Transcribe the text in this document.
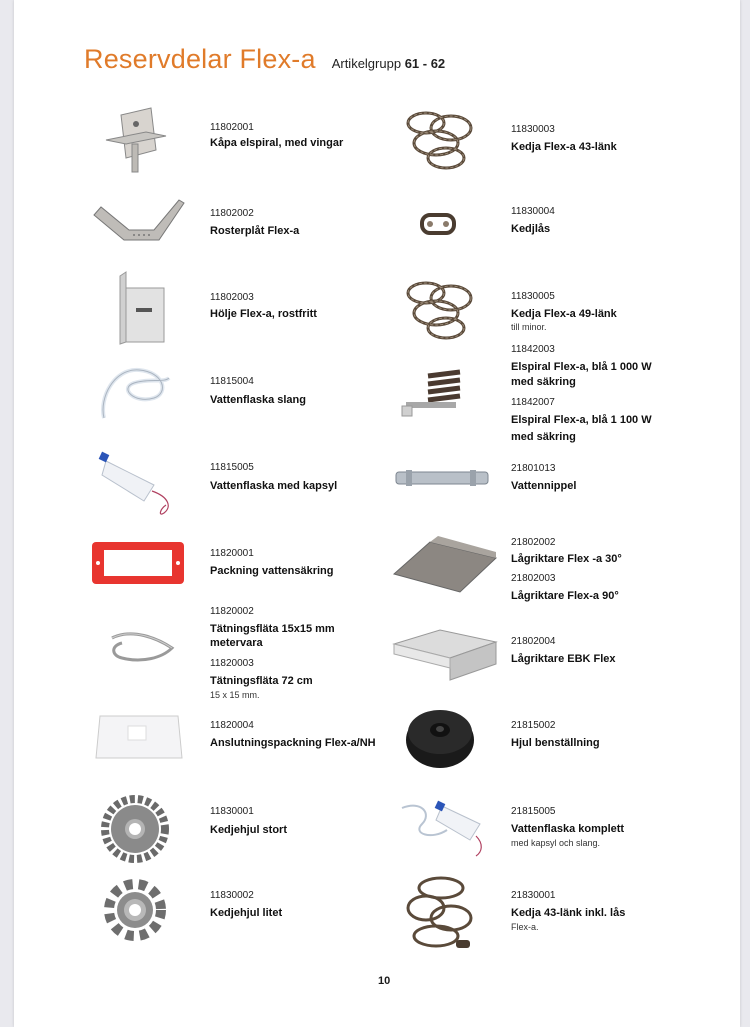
Reservdelar Flex-a Artikelgrupp 61 - 62
11802001
Kåpa elspiral, med vingar
11802002
Rosterplåt Flex-a
11802003
Hölje Flex-a, rostfritt
11815004
Vattenflaska slang
11815005
Vattenflaska med kapsyl
11820001
Packning vattensäkring
11820002
Tätningsfläta 15x15 mm
metervara
11820003
Tätningsfläta 72 cm
15 x 15 mm.
11820004
Anslutningspackning Flex-a/NH
11830001
Kedjehjul stort
11830002
Kedjehjul litet
11830003
Kedja Flex-a 43-länk
11830004
Kedjlås
11830005
Kedja Flex-a 49-länk
till minor.
11842003
Elspiral Flex-a, blå 1 000 W
med säkring
11842007
Elspiral Flex-a, blå 1 100 W
med säkring
21801013
Vattennippel
21802002
Lågriktare Flex -a 30°
21802003
Lågriktare Flex-a 90°
21802004
Lågriktare EBK Flex
21815002
Hjul benställning
21815005
Vattenflaska komplett
med kapsyl och slang.
21830001
Kedja 43-länk inkl. lås
Flex-a.
10
